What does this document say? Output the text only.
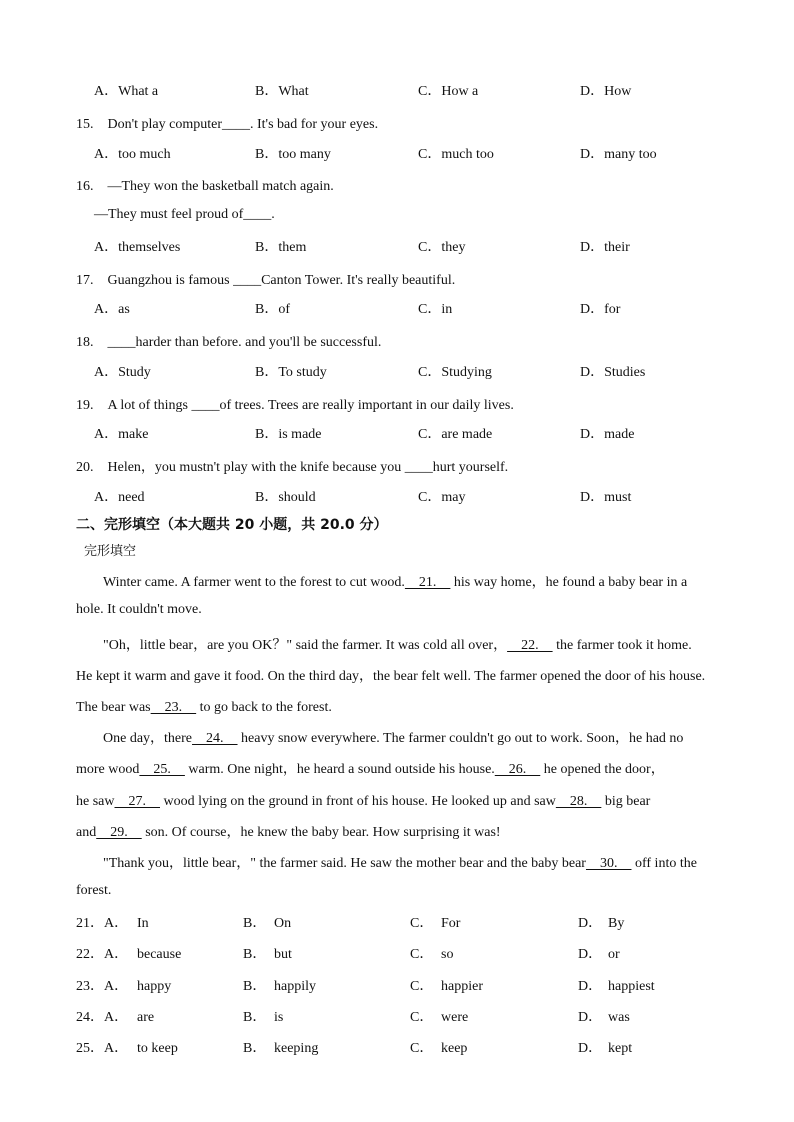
A．What a	B．What	C．How a	D．How
15.　Don't play computer____. It's bad for your eyes.
A．too much	B．too many	C．much too	D．many too
16.　—They won the basketball match again.
—They must feel proud of____.
A．themselves	B．them	C．they	D．their
17.　Guangzhou is famous ____Canton Tower. It's really beautiful.
A．as	B．of	C．in	D．for
18.　____harder than before. and you'll be successful.
A．Study	B．To study	C．Studying	D．Studies
19.　A lot of things ____of trees. Trees are really important in our daily lives.
A．make	B．is made	C．are made	D．made
20.　Helen，you mustn't play with the knife because you ____hurt yourself.
A．need	B．should	C．may	D．must
二、完形填空（本大题共 20 小题，共 20.0 分）
完形填空
Winter came. A farmer went to the forest to cut wood.　21.　 his way home，he found a baby bear in a
hole. It couldn't move.
"Oh，little bear，are you OK？" said the farmer. It was cold all over，　22.　 the farmer took it home.
He kept it warm and gave it food. On the third day，the bear felt well. The farmer opened the door of his house.
The bear was　23.　 to go back to the forest.
One day，there　24.　 heavy snow everywhere. The farmer couldn't go out to work. Soon，he had no
more wood　25.　 warm. One night，he heard a sound outside his house.　26.　 he opened the door，
he saw　27.　 wood lying on the ground in front of his house. He looked up and saw　28.　 big bear
and　29.　 son. Of course，he knew the baby bear. How surprising it was!
"Thank you，little bear，" the farmer said. He saw the mother bear and the baby bear　30.　 off into the
forest.
21．A． In	B． On	C． For	D． By
22．A． because	B． but	C． so	D． or
23．A． happy	B． happily	C． happier	D． happiest
24．A． are	B． is	C． were	D． was
25．A． to keep	B． keeping	C． keep	D． kept
